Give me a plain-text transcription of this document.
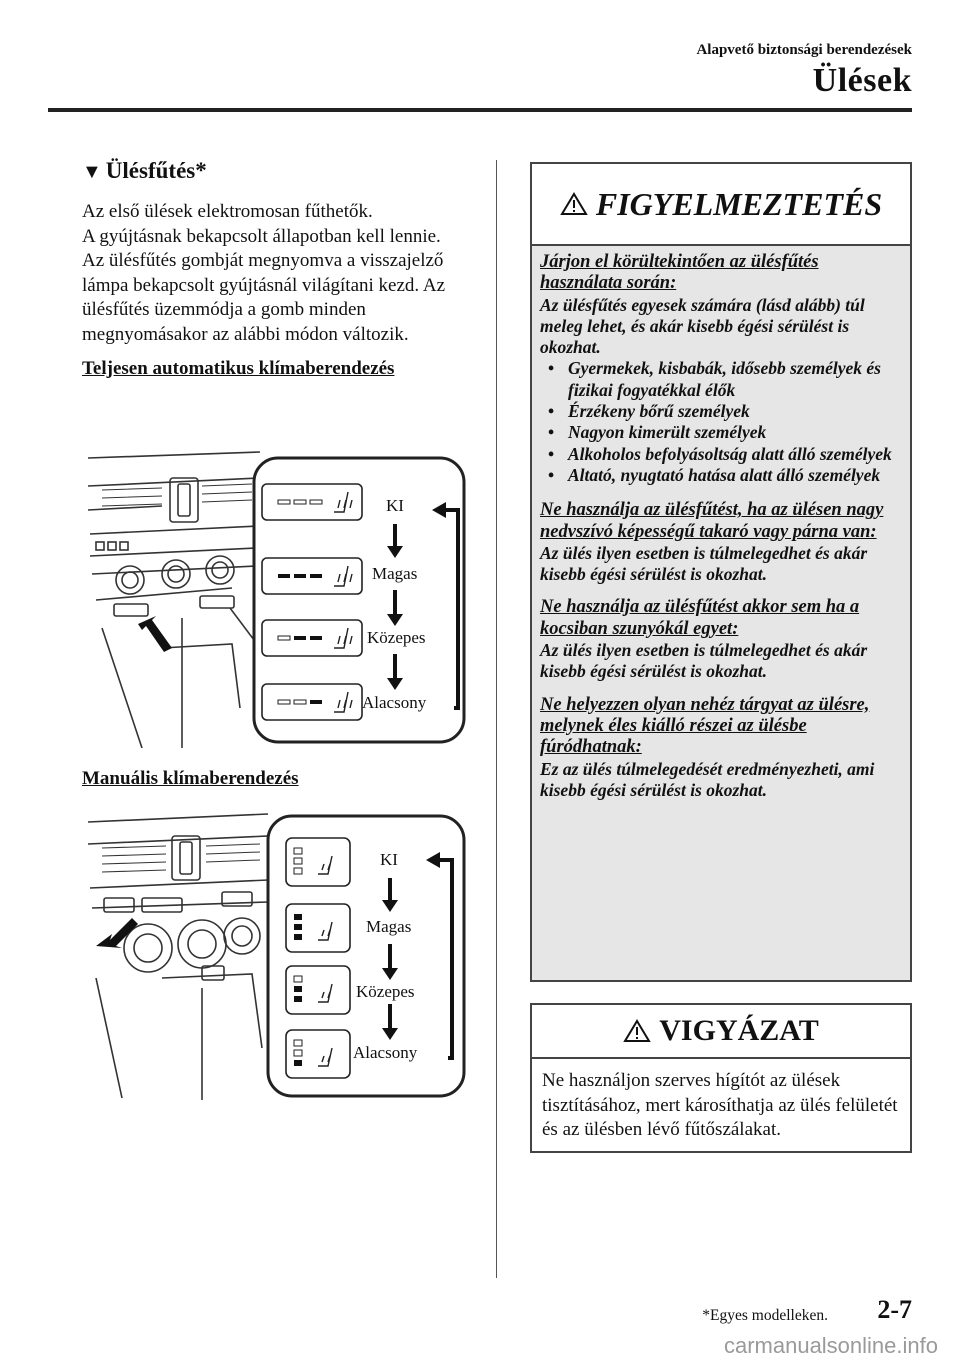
Alapvető biztonsági berendezések
Ülések
▼ Ülésfűtés*

Az első ülések elektromosan fűthetők.

A gyújtásnak bekapcsolt állapotban kell lennie.

Az ülésfűtés gombját megnyomva a visszajelző lámpa bekapcsolt gyújtásnál világítani kezd. Az ülésfűtés üzemmódja a gomb minden megnyomásakor az alábbi módon változik.

Teljesen automatikus klímaberendezés

KI
Magas
Közepes
Alacsony
Manuális klímaberendezés
KI
Magas
Közepes
Alacsony
FIGYELMEZTETÉS

Járjon el körültekintően az ülésfűtés használata során:

Az ülésfűtés egyesek számára (lásd alább) túl meleg lehet, és akár kisebb égési sérülést is okozhat.

• Gyermekek, kisbabák, idősebb személyek és fizikai fogyatékkal élők
• Érzékeny bőrű személyek
• Nagyon kimerült személyek
• Alkoholos befolyásoltság alatt álló személyek
• Altató, nyugtató hatása alatt álló személyek

Ne használja az ülésfűtést, ha az ülésen nagy nedvszívó képességű takaró vagy párna van:

Az ülés ilyen esetben is túlmelegedhet és akár kisebb égési sérülést is okozhat.

Ne használja az ülésfűtést akkor sem ha a kocsiban szunyókál egyet:

Az ülés ilyen esetben is túlmelegedhet és akár kisebb égési sérülést is okozhat.

Ne helyezzen olyan nehéz tárgyat az ülésre, melynek éles kiálló részei az ülésbe fúródhatnak:

Ez az ülés túlmelegedését eredményezheti, ami kisebb égési sérülést is okozhat.

VIGYÁZAT
Ne használjon szerves hígítót az ülések tisztításához, mert károsíthatja az ülés felületét és az ülésben lévő fűtőszálakat.
*Egyes modelleken. 2-7
carmanualsonline.info
